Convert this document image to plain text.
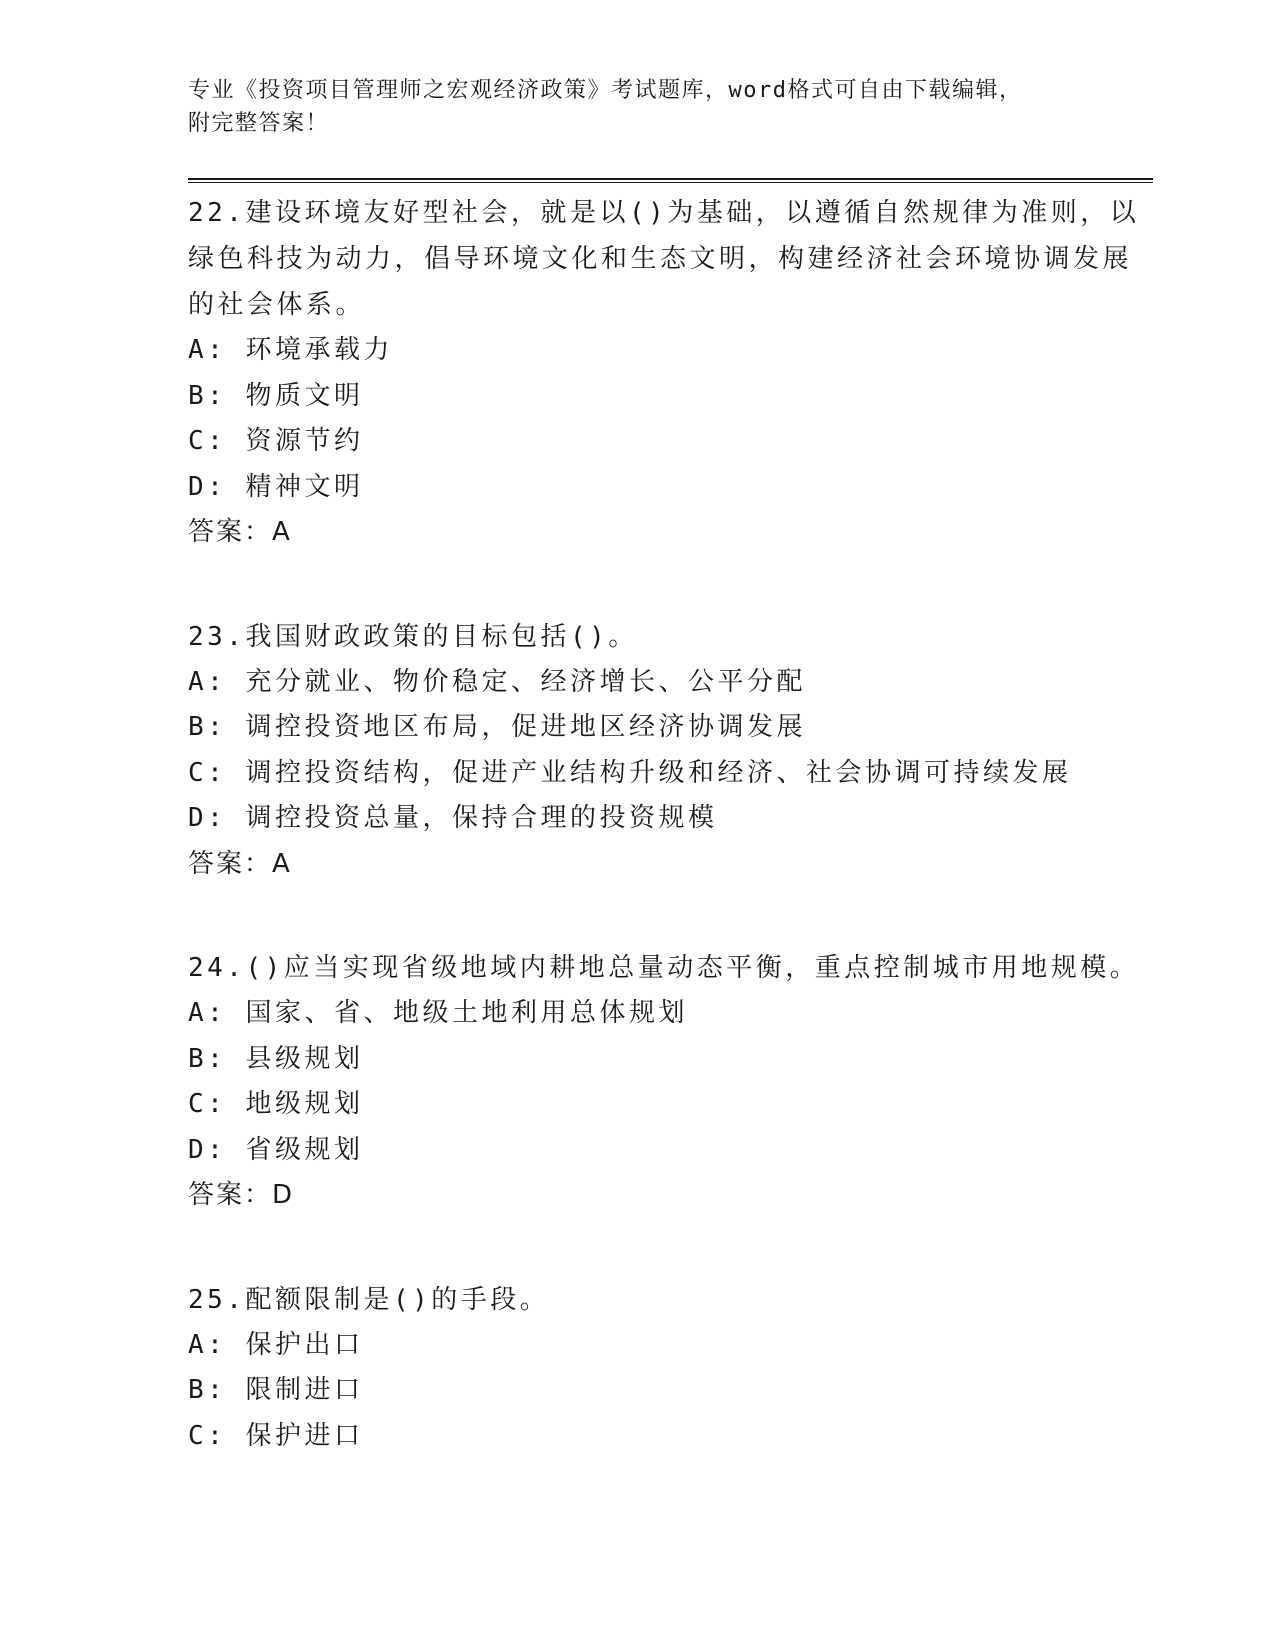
专业《投资项目管理师之宏观经济政策》考试题库，word格式可自由下载编辑，
附完整答案！

22.建设环境友好型社会，就是以()为基础，以遵循自然规律为准则，以绿色科技为动力，倡导环境文化和生态文明，构建经济社会环境协调发展的社会体系。

A: 环境承载力

B: 物质文明

C: 资源节约

D: 精神文明

答案：A

23.我国财政政策的目标包括()。

A: 充分就业、物价稳定、经济增长、公平分配

B: 调控投资地区布局，促进地区经济协调发展

C: 调控投资结构，促进产业结构升级和经济、社会协调可持续发展

D: 调控投资总量，保持合理的投资规模

答案：A

24.()应当实现省级地域内耕地总量动态平衡，重点控制城市用地规模。

A: 国家、省、地级土地利用总体规划

B: 县级规划

C: 地级规划

D: 省级规划

答案：D

25.配额限制是()的手段。

A: 保护出口

B: 限制进口

C: 保护进口
